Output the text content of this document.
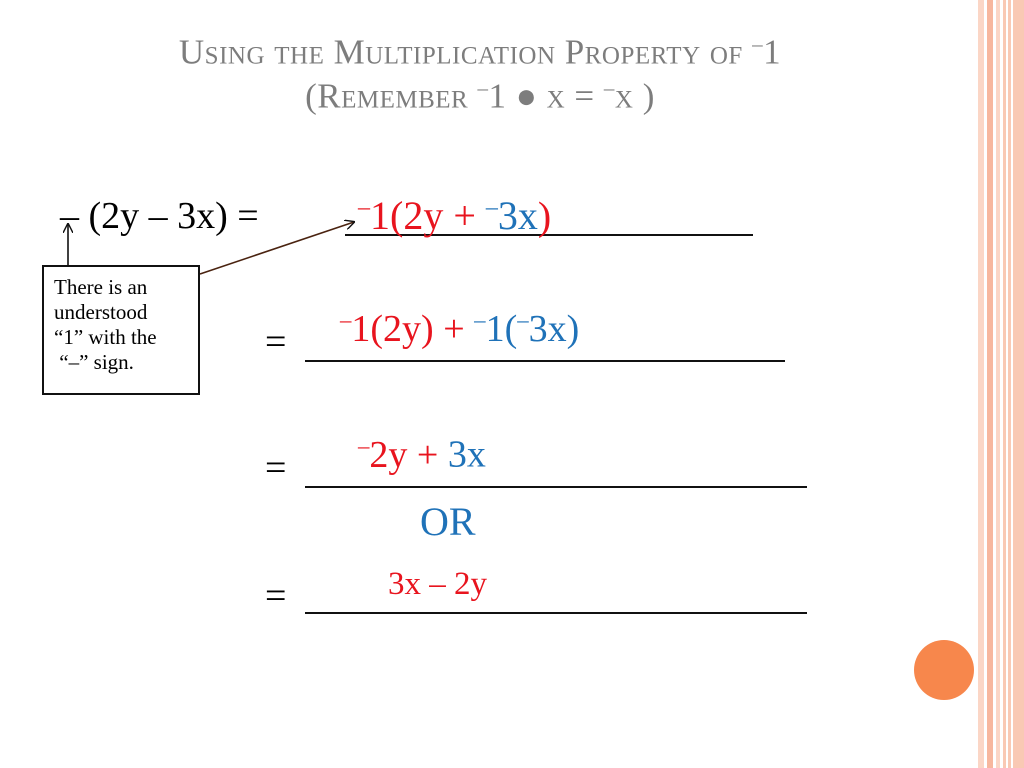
Using the Multiplication Property of –1
(Remember –1 ● x = –x )
– (2y – 3x) =	–1(2y + –3x)
=
–1(2y) + –1(–3x)
=
–2y + 3x
OR
=	3x – 2y
There is an
understood
“1” with the
“–” sign.
